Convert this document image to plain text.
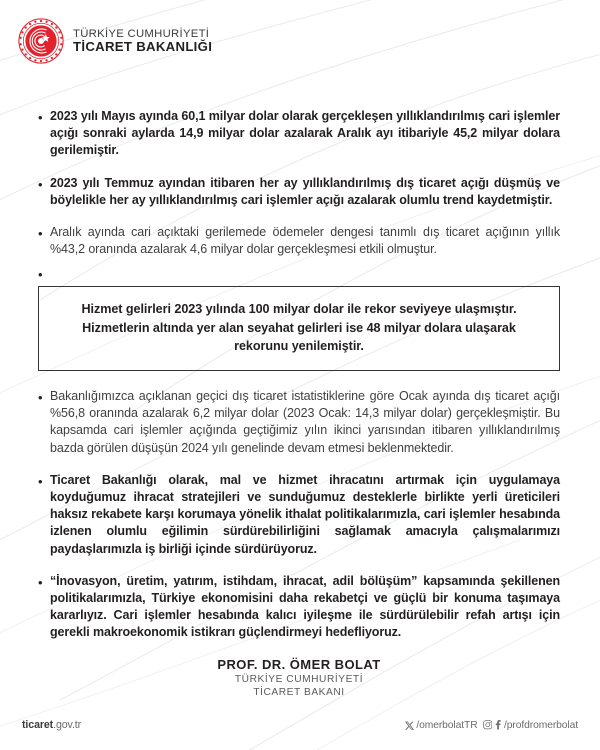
TÜRKİYE CUMHURİYETİ
TİCARET BAKANLIĞI
• 2023 yılı Mayıs ayında 60,1 milyar dolar olarak gerçekleşen yıllıklandırılmış cari işlemler açığı sonraki aylarda 14,9 milyar dolar azalarak Aralık ayı itibariyle 45,2 milyar dolara gerilemiştir.
• 2023 yılı Temmuz ayından itibaren her ay yıllıklandırılmış dış ticaret açığı düşmüş ve böylelikle her ay yıllıklandırılmış cari işlemler açığı azalarak olumlu trend kaydetmiştir.
• Aralık ayında cari açıktaki gerilemede ödemeler dengesi tanımlı dış ticaret açığının yıllık %43,2 oranında azalarak 4,6 milyar dolar gerçekleşmesi etkili olmuştur.
•
Hizmet gelirleri 2023 yılında 100 milyar dolar ile rekor seviyeye ulaşmıştır. Hizmetlerin altında yer alan seyahat gelirleri ise 48 milyar dolara ulaşarak rekorunu yenilemiştir.
• Bakanlığımızca açıklanan geçici dış ticaret istatistiklerine göre Ocak ayında dış ticaret açığı %56,8 oranında azalarak 6,2 milyar dolar (2023 Ocak: 14,3 milyar dolar) gerçekleşmiştir. Bu kapsamda cari işlemler açığında geçtiğimiz yılın ikinci yarısından itibaren yıllıklandırılmış bazda görülen düşüşün 2024 yılı genelinde devam etmesi beklenmektedir.
• Ticaret Bakanlığı olarak, mal ve hizmet ihracatını artırmak için uygulamaya koyduğumuz ihracat stratejileri ve sunduğumuz desteklerle birlikte yerli üreticileri haksız rekabete karşı korumaya yönelik ithalat politikalarımızla, cari işlemler hesabında izlenen olumlu eğilimin sürdürebilirliğini sağlamak amacıyla çalışmalarımızı paydaşlarımızla iş birliği içinde sürdürüyoruz.
• “İnovasyon, üretim, yatırım, istihdam, ihracat, adil bölüşüm” kapsamında şekillenen politikalarımızla, Türkiye ekonomisini daha rekabetçi ve güçlü bir konuma taşımaya kararlıyız. Cari işlemler hesabında kalıcı iyileşme ile sürdürülebilir refah artışı için gerekli makroekonomik istikrarı güçlendirmeyi hedefliyoruz.
PROF. DR. ÖMER BOLAT
TÜRKİYE CUMHURİYETİ
TİCARET BAKANI
ticaret.gov.tr	/omerbolatTR	/profdromerbolat
